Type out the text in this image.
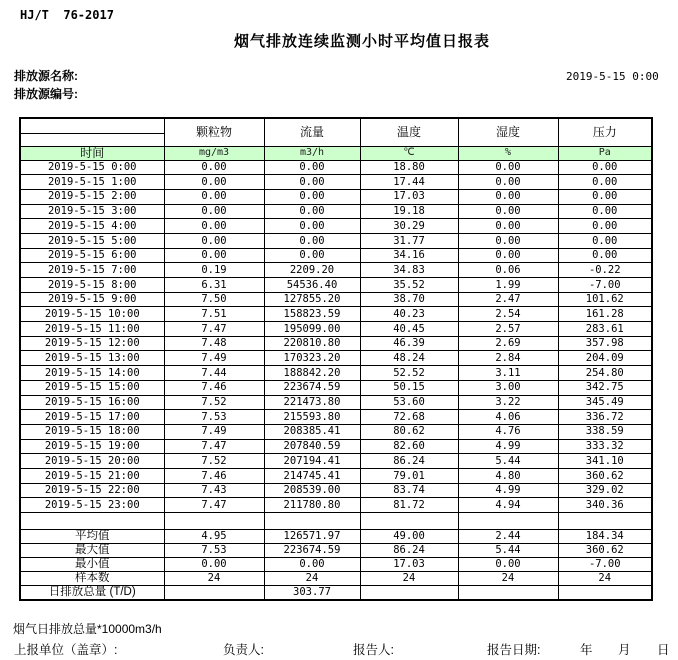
HJ/T  76-2017
烟气排放连续监测小时平均值日报表
排放源名称:	2019-5-15 0:00
排放源编号:
	颗粒物	流量	温度	湿度	压力

时间	mg/m3	m3/h	℃	%	Pa
2019-5-15 0:00	0.00	0.00	18.80	0.00	0.00
2019-5-15 1:00	0.00	0.00	17.44	0.00	0.00
2019-5-15 2:00	0.00	0.00	17.03	0.00	0.00
2019-5-15 3:00	0.00	0.00	19.18	0.00	0.00
2019-5-15 4:00	0.00	0.00	30.29	0.00	0.00
2019-5-15 5:00	0.00	0.00	31.77	0.00	0.00
2019-5-15 6:00	0.00	0.00	34.16	0.00	0.00
2019-5-15 7:00	0.19	2209.20	34.83	0.06	-0.22
2019-5-15 8:00	6.31	54536.40	35.52	1.99	-7.00
2019-5-15 9:00	7.50	127855.20	38.70	2.47	101.62
2019-5-15 10:00	7.51	158823.59	40.23	2.54	161.28
2019-5-15 11:00	7.47	195099.00	40.45	2.57	283.61
2019-5-15 12:00	7.48	220810.80	46.39	2.69	357.98
2019-5-15 13:00	7.49	170323.20	48.24	2.84	204.09
2019-5-15 14:00	7.44	188842.20	52.52	3.11	254.80
2019-5-15 15:00	7.46	223674.59	50.15	3.00	342.75
2019-5-15 16:00	7.52	221473.80	53.60	3.22	345.49
2019-5-15 17:00	7.53	215593.80	72.68	4.06	336.72
2019-5-15 18:00	7.49	208385.41	80.62	4.76	338.59
2019-5-15 19:00	7.47	207840.59	82.60	4.99	333.32
2019-5-15 20:00	7.52	207194.41	86.24	5.44	341.10
2019-5-15 21:00	7.46	214745.41	79.01	4.80	360.62
2019-5-15 22:00	7.43	208539.00	83.74	4.99	329.02
2019-5-15 23:00	7.47	211780.80	81.72	4.94	340.36

平均值	4.95	126571.97	49.00	2.44	184.34
最大值	7.53	223674.59	86.24	5.44	360.62
最小值	0.00	0.00	17.03	0.00	-7.00
样本数	24	24	24	24	24
日排放总量 (T/D)		303.77			
烟气日排放总量*10000m3/h
上报单位（盖章）:	负责人:	报告人:	报告日期:	年 月 日
